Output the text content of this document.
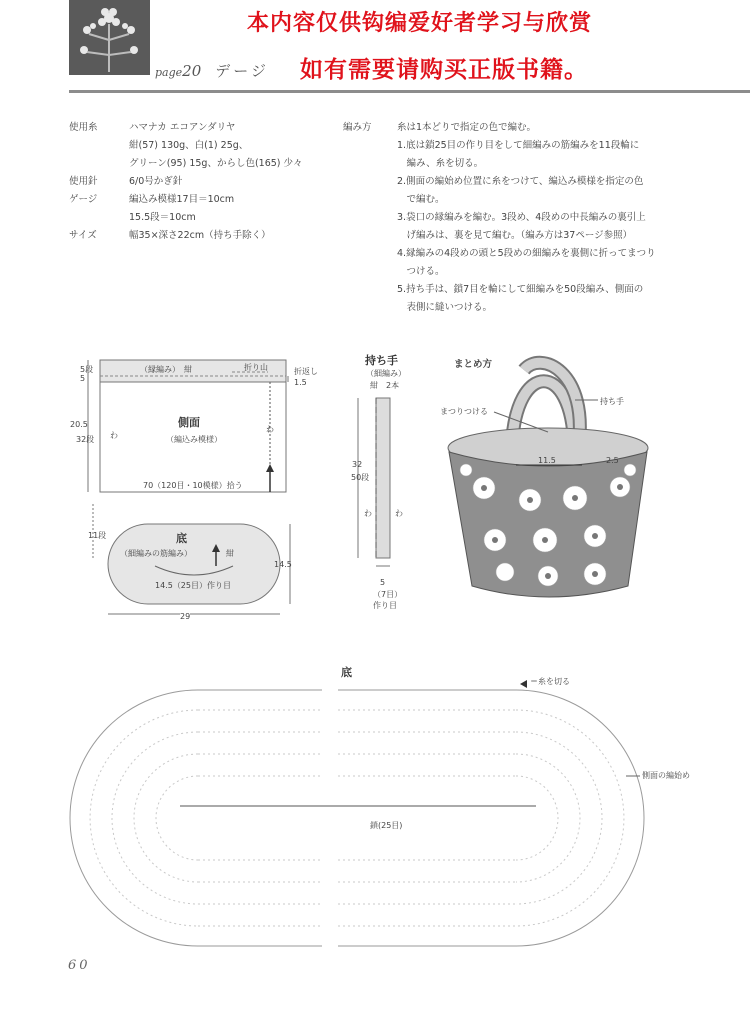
本内容仅供钩编爱好者学习与欣赏
如有需要请购买正版书籍。
page20 デージ
使用糸	ハマナカ エコアンダリヤ
紺(57) 130g、白(1) 25g、
グリーン(95) 15g、からし色(165) 少々
使用針	6/0号かぎ針
ゲージ	編込み模様17目＝10cm
15.5段＝10cm
サイズ	幅35×深さ22cm（持ち手除く）
編み方	糸は1本どりで指定の色で編む。
1.底は鎖25目の作り目をして細編みの筋編みを11段輪に
　編み、糸を切る。
2.側面の編始め位置に糸をつけて、編込み模様を指定の色
　で編む。
3.袋口の縁編みを編む。3段め、4段めの中長編みの裏引上
　げ編みは、裏を見て編む。（編み方は37ページ参照）
4.縁編みの4段めの頭と5段めの細編みを裏側に折ってまつり
　つける。
5.持ち手は、鎖7目を輪にして細編みを50段編み、側面の
　表側に縫いつける。
（縁編み）　紺	折り山	折返し
5段
5	1.5
側面
（編込み模様）
わ
わ
20.5
32段
70（120目・10模様）拾う
11段	底
（細編みの筋編み）	紺
14.5（25目）作り目
14.5
29
持ち手
（細編み）
紺　2本
32
50段
わ	わ
5
（7目）
作り目
まとめ方
まつりつける
持ち手
11.5	2.5
底
＝糸を切る
側面の編始め
鎖(25目)
60
